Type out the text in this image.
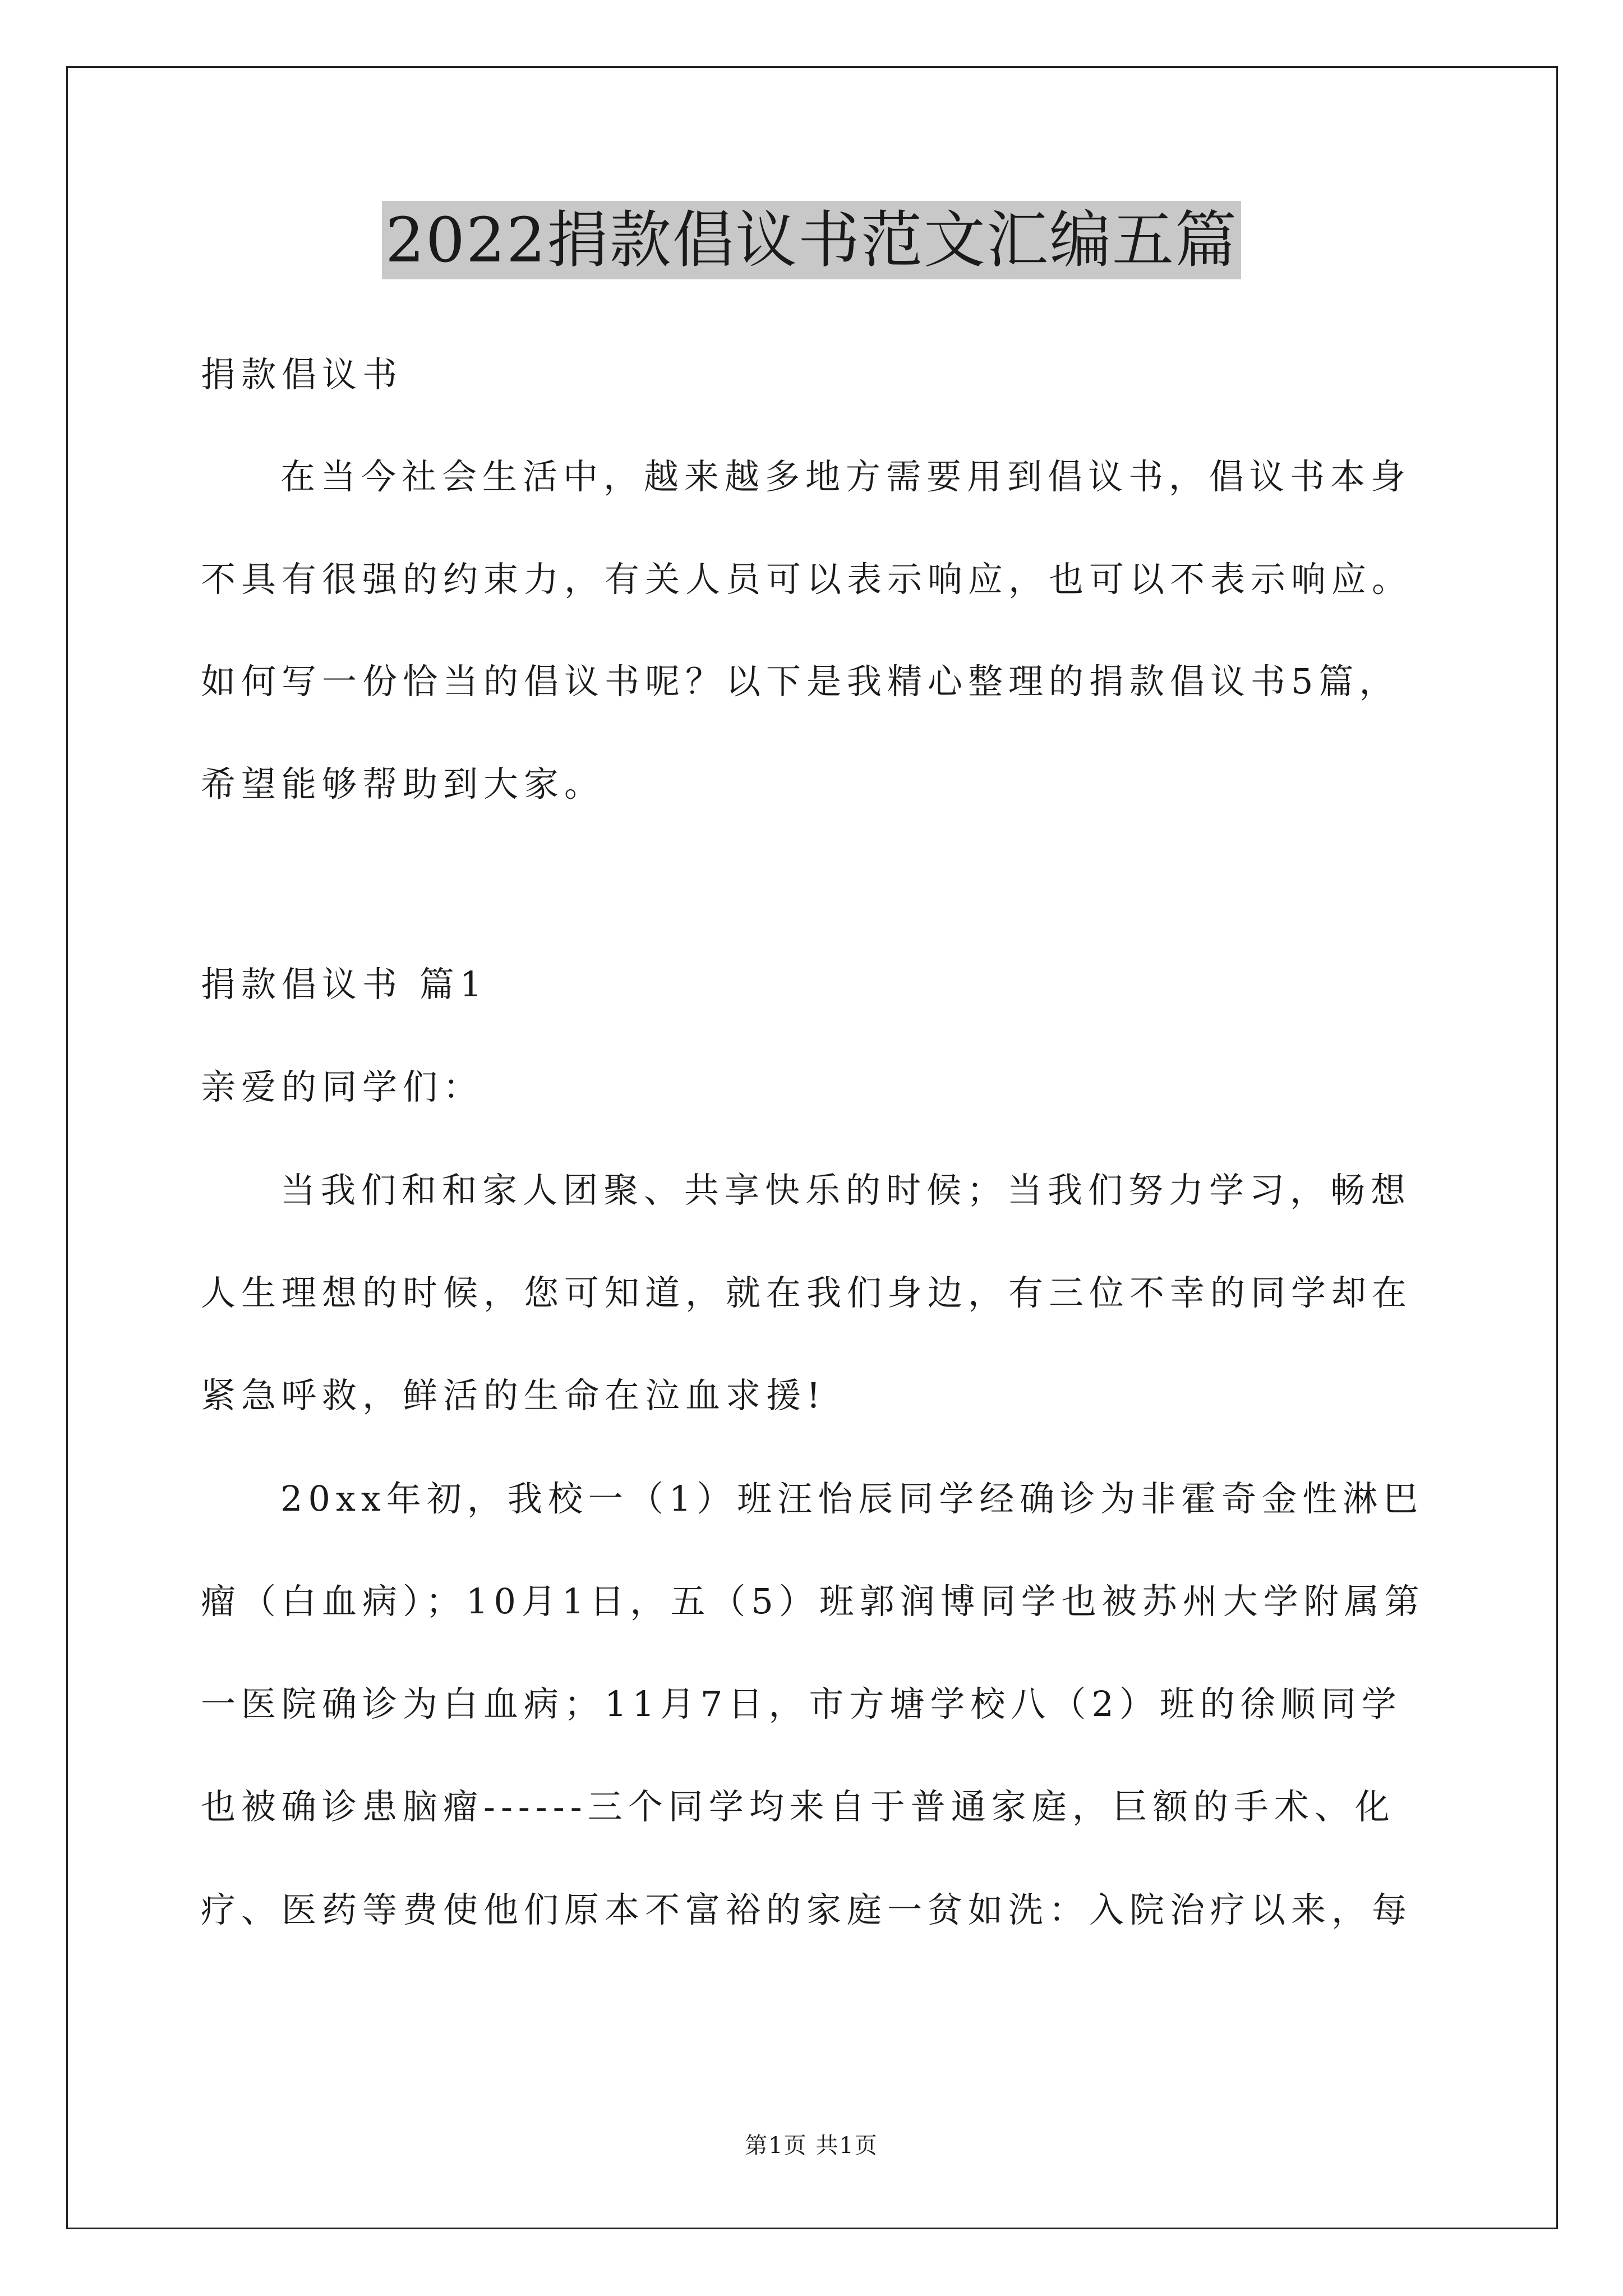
2022捐款倡议书范文汇编五篇
捐款倡议书
在当今社会生活中，越来越多地方需要用到倡议书，倡议书本身
不具有很强的约束力，有关人员可以表示响应，也可以不表示响应。
如何写一份恰当的倡议书呢？以下是我精心整理的捐款倡议书5篇，
希望能够帮助到大家。
捐款倡议书 篇1
亲爱的同学们：
当我们和和家人团聚、共享快乐的时候；当我们努力学习，畅想
人生理想的时候，您可知道，就在我们身边，有三位不幸的同学却在
紧急呼救，鲜活的生命在泣血求援!
20xx年初，我校一（1）班汪怡辰同学经确诊为非霍奇金性淋巴
瘤（白血病）；10月1日，五（5）班郭润博同学也被苏州大学附属第
一医院确诊为白血病；11月7日，市方塘学校八（2）班的徐顺同学
也被确诊患脑瘤------三个同学均来自于普通家庭，巨额的手术、化
疗、医药等费使他们原本不富裕的家庭一贫如洗：入院治疗以来，每
第1页 共1页
